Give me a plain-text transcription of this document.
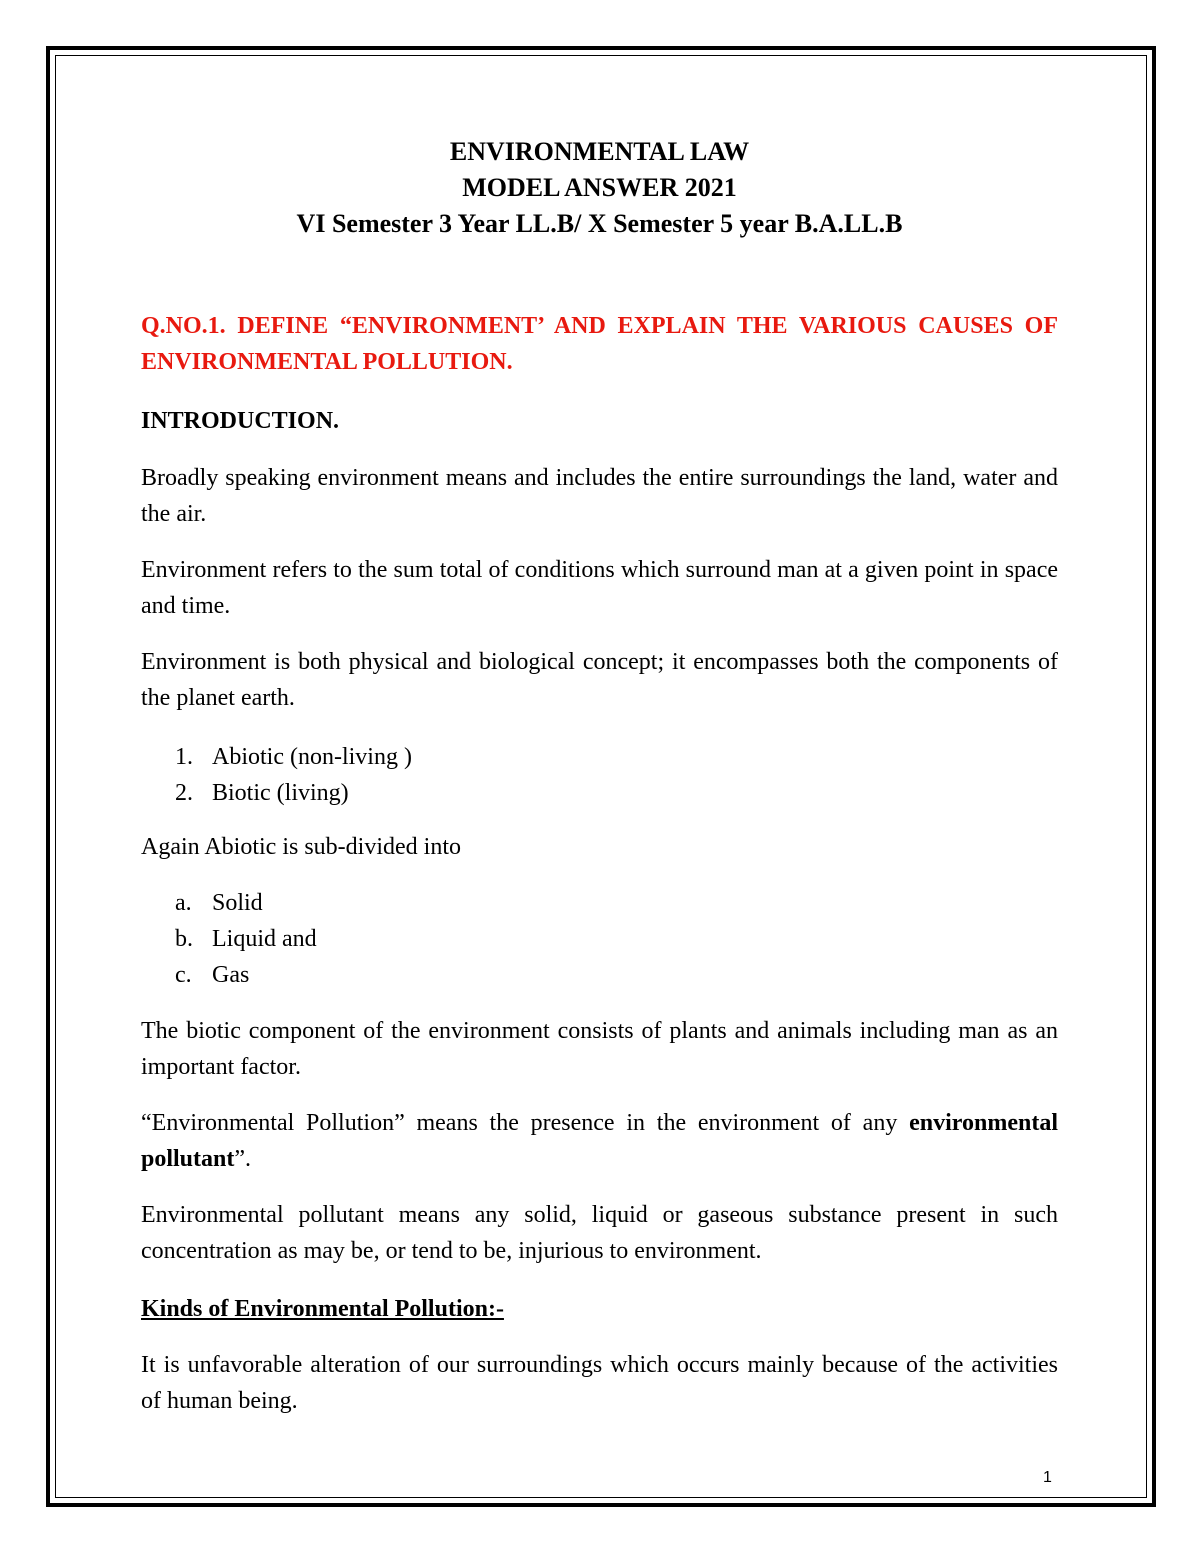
ENVIRONMENTAL LAW
MODEL ANSWER 2021
VI Semester 3 Year LL.B/ X Semester 5 year B.A.LL.B
Q.NO.1. DEFINE “ENVIRONMENT’ AND EXPLAIN THE VARIOUS CAUSES OF ENVIRONMENTAL POLLUTION.
INTRODUCTION.

Broadly speaking environment means and includes the entire surroundings the land, water and the air.

Environment refers to the sum total of conditions which surround man at a given point in space and time.

Environment is both physical and biological concept; it encompasses both the components of the planet earth.

1. Abiotic (non-living )
2. Biotic (living)

Again Abiotic is sub-divided into

a. Solid
b. Liquid and
c. Gas

The biotic component of the environment consists of plants and animals including man as an important factor.

“Environmental Pollution” means the presence in the environment of any environmental pollutant”.

Environmental pollutant means any solid, liquid or gaseous substance present in such concentration as may be, or tend to be, injurious to environment.

Kinds of Environmental Pollution:-

It is unfavorable alteration of our surroundings which occurs mainly because of the activities of human being.

1
